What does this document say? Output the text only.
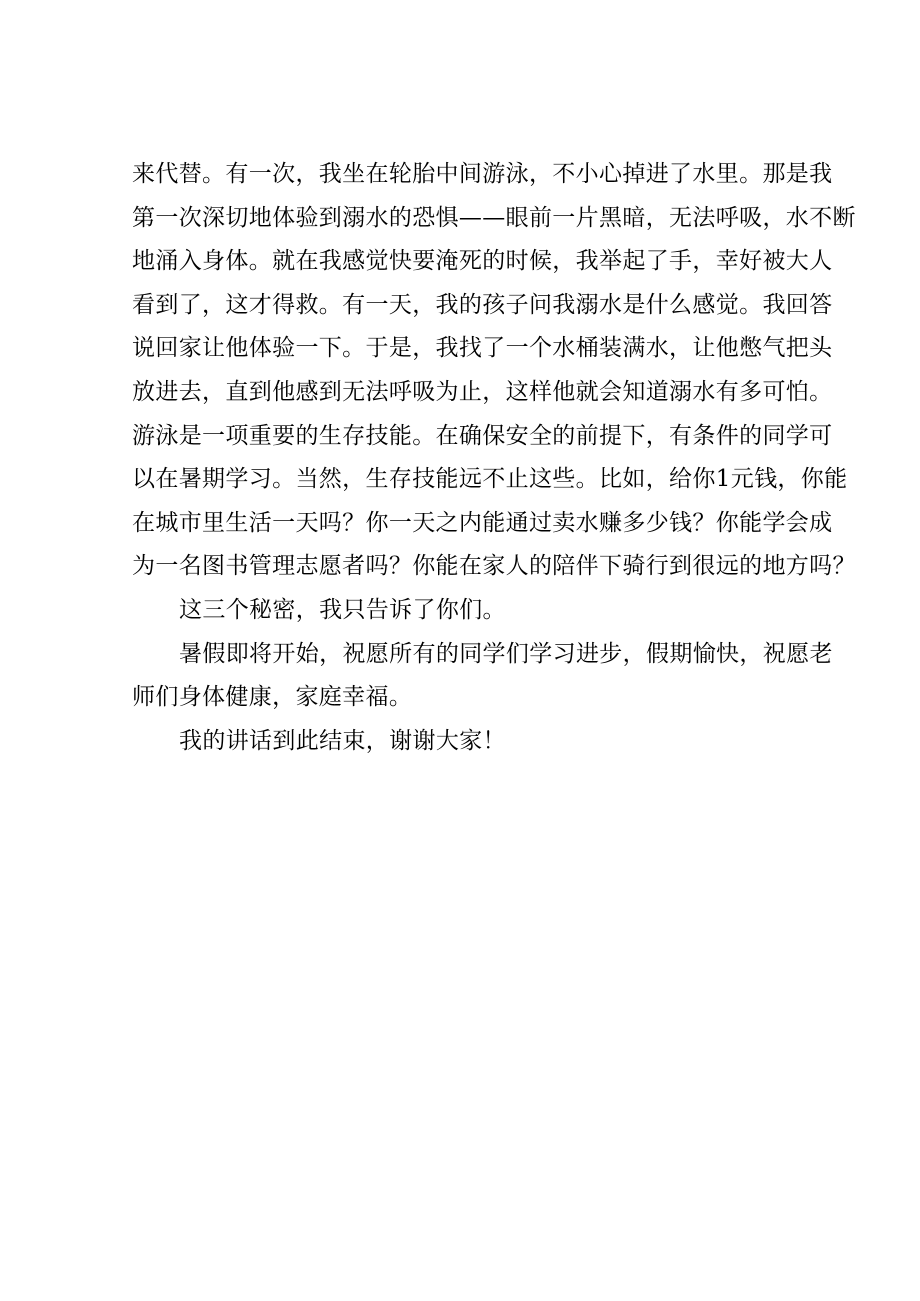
来代替。有一次，我坐在轮胎中间游泳，不小心掉进了水里。那是我
第一次深切地体验到溺水的恐惧——眼前一片黑暗，无法呼吸，水不断
地涌入身体。就在我感觉快要淹死的时候，我举起了手，幸好被大人
看到了，这才得救。有一天，我的孩子问我溺水是什么感觉。我回答
说回家让他体验一下。于是，我找了一个水桶装满水，让他憋气把头
放进去，直到他感到无法呼吸为止，这样他就会知道溺水有多可怕。
游泳是一项重要的生存技能。在确保安全的前提下，有条件的同学可
以在暑期学习。当然，生存技能远不止这些。比如，给你1元钱，你能
在城市里生活一天吗？你一天之内能通过卖水赚多少钱？你能学会成
为一名图书管理志愿者吗？你能在家人的陪伴下骑行到很远的地方吗？
这三个秘密，我只告诉了你们。
暑假即将开始，祝愿所有的同学们学习进步，假期愉快，祝愿老
师们身体健康，家庭幸福。
我的讲话到此结束，谢谢大家！
